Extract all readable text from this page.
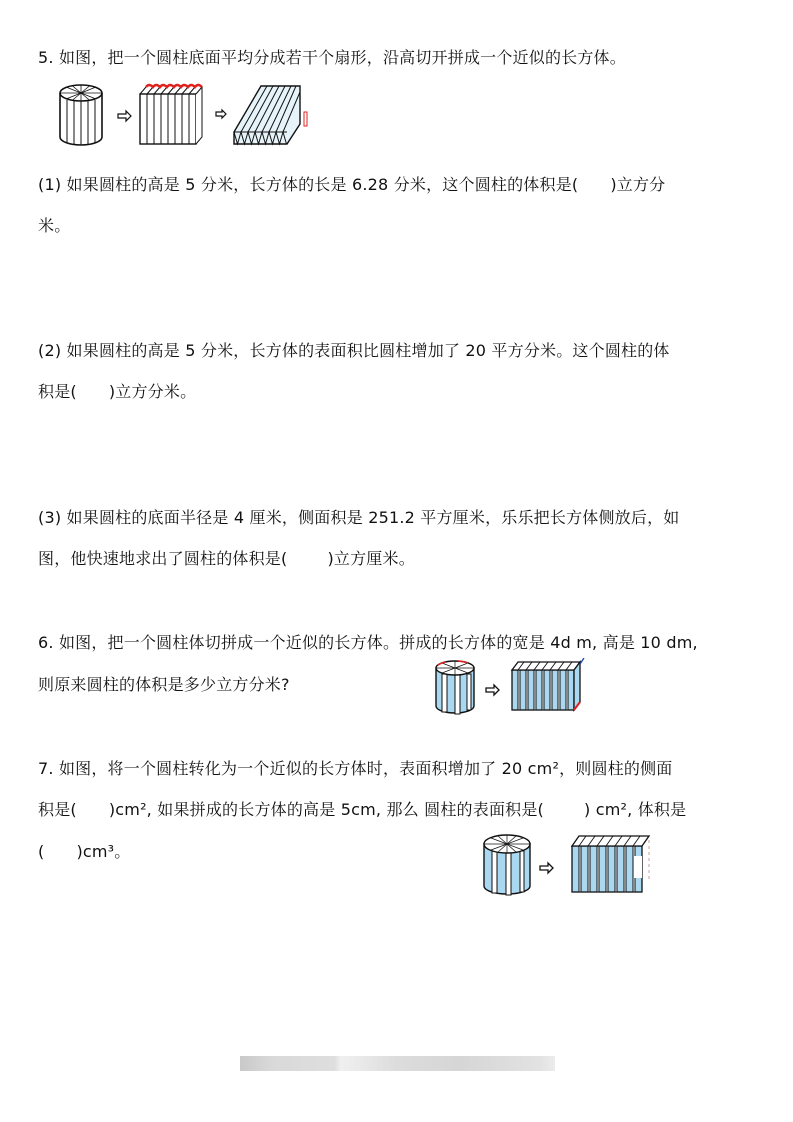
5. 如图，把一个圆柱底面平均分成若干个扇形，沿高切开拼成一个近似的长方体。
(1) 如果圆柱的高是 5 分米，长方体的长是 6.28 分米，这个圆柱的体积是( )立方分
米。
(2) 如果圆柱的高是 5 分米，长方体的表面积比圆柱增加了 20 平方分米。这个圆柱的体
积是( )立方分米。
(3) 如果圆柱的底面半径是 4 厘米，侧面积是 251.2 平方厘米，乐乐把长方体侧放后，如
图，他快速地求出了圆柱的体积是(	)立方厘米。
6. 如图，把一个圆柱体切拼成一个近似的长方体。拼成的长方体的宽是 4d m, 高是 10 dm,
则原来圆柱的体积是多少立方分米?
7. 如图，将一个圆柱转化为一个近似的长方体时，表面积增加了 20 cm²，则圆柱的侧面
积是( )cm², 如果拼成的长方体的高是 5cm, 那么 圆柱的表面积是(	) cm², 体积是
( )cm³。
